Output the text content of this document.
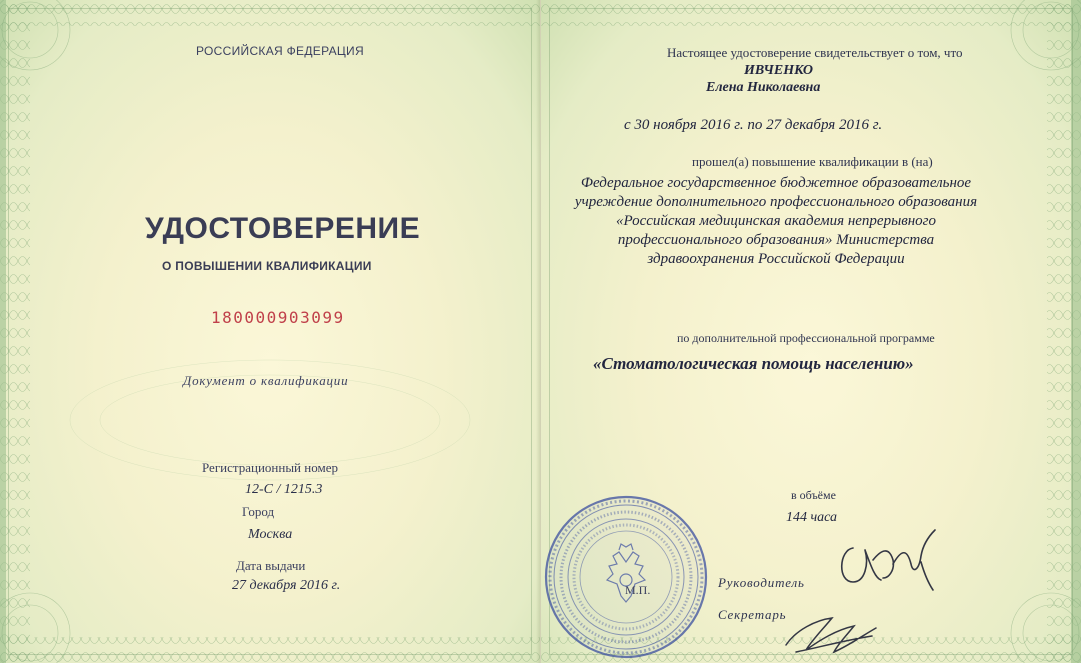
РОССИЙСКАЯ ФЕДЕРАЦИЯ
УДОСТОВЕРЕНИЕ
О ПОВЫШЕНИИ КВАЛИФИКАЦИИ
180000903099
Документ о квалификации
Регистрационный номер
12-С / 1215.3
Город
Москва
Дата выдачи
27 декабря 2016 г.
Настоящее удостоверение свидетельствует о том, что
ИВЧЕНКО
Елена Николаевна
с 30 ноября 2016 г. по 27 декабря 2016 г.
прошел(а) повышение квалификации в (на)
Федеральное государственное бюджетное образовательное
учреждение дополнительного профессионального образования
«Российская медицинская академия непрерывного
профессионального образования» Министерства
здравоохранения Российской Федерации
по дополнительной профессиональной программе
«Стоматологическая помощь населению»
в объёме
144 часа
М.П.	Руководитель
Секретарь
